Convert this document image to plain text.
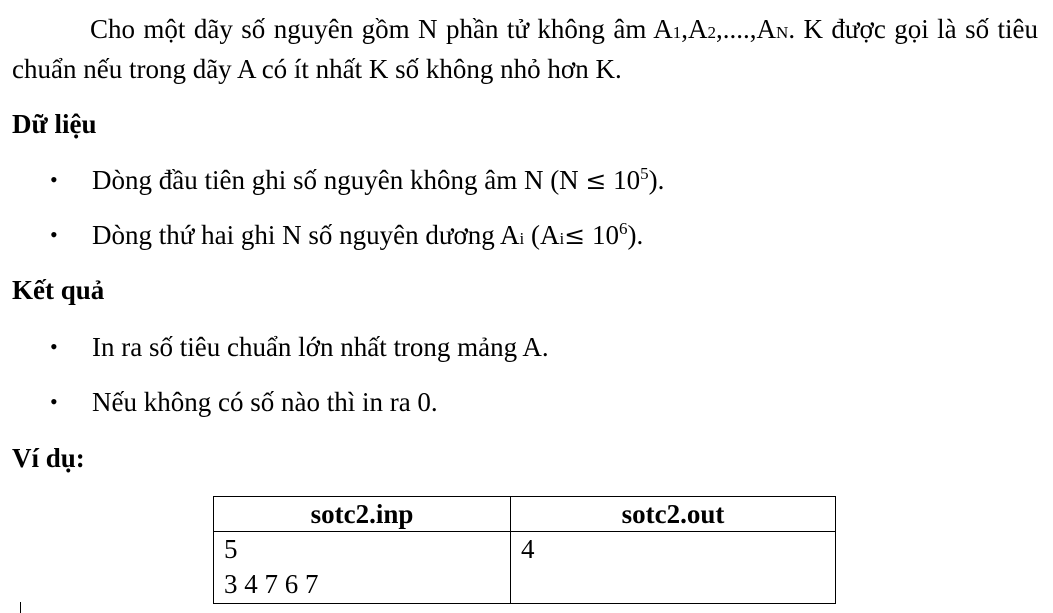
Cho một dãy số nguyên gồm N phần tử không âm A1,A2,....,AN. K được gọi là số tiêu chuẩn nếu trong dãy A có ít nhất K số không nhỏ hơn K.

Dữ liệu
• Dòng đầu tiên ghi số nguyên không âm N $(N \le 10^5)$.
• Dòng thứ hai ghi N số nguyên dương Ai $(Ai\le 10^6)$.
Kết quả
• In ra số tiêu chuẩn lớn nhất trong mảng A.
• Nếu không có số nào thì in ra 0.
Ví dụ:
sotc2.inp	sotc2.out

5
3 4 7 6 7	4
